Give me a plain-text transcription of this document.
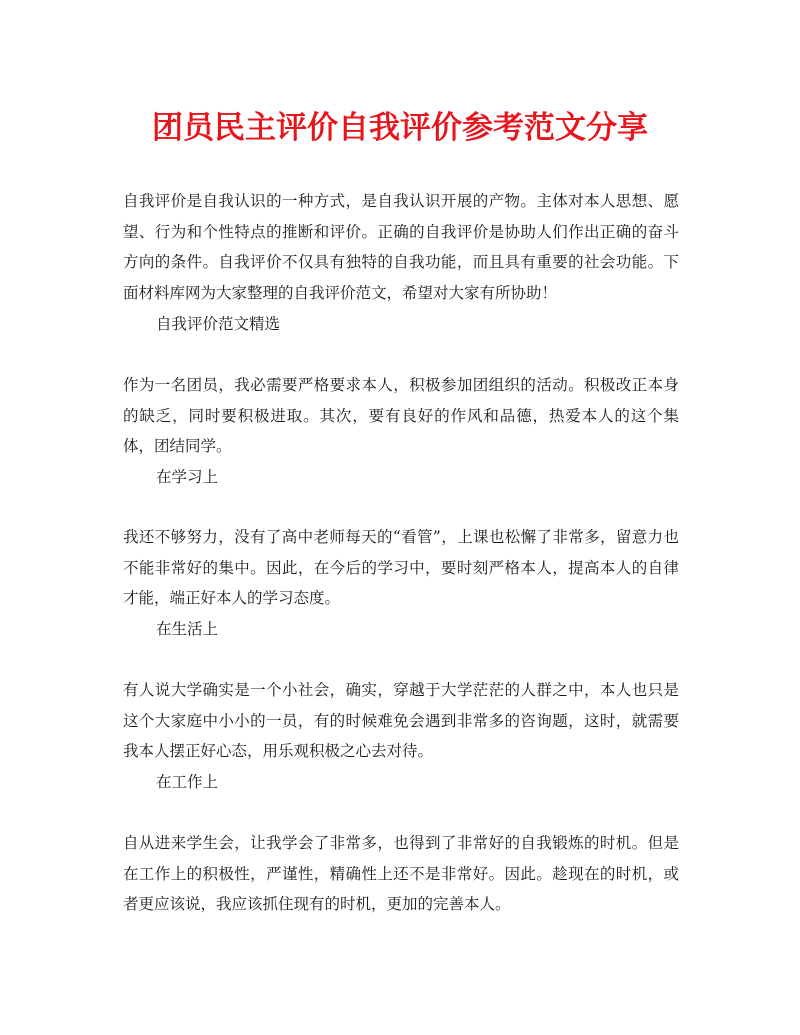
团员民主评价自我评价参考范文分享

自我评价是自我认识的一种方式，是自我认识开展的产物。主体对本人思想、愿望、行为和个性特点的推断和评价。正确的自我评价是协助人们作出正确的奋斗方向的条件。自我评价不仅具有独特的自我功能，而且具有重要的社会功能。下面材料库网为大家整理的自我评价范文，希望对大家有所协助！

自我评价范文精选

作为一名团员，我必需要严格要求本人，积极参加团组织的活动。积极改正本身的缺乏，同时要积极进取。其次，要有良好的作风和品德，热爱本人的这个集体，团结同学。

在学习上

我还不够努力，没有了高中老师每天的“看管”，上课也松懈了非常多，留意力也不能非常好的集中。因此，在今后的学习中，要时刻严格本人，提高本人的自律才能，端正好本人的学习态度。

在生活上

有人说大学确实是一个小社会，确实，穿越于大学茫茫的人群之中，本人也只是这个大家庭中小小的一员，有的时候难免会遇到非常多的咨询题，这时，就需要我本人摆正好心态，用乐观积极之心去对待。

在工作上

自从进来学生会，让我学会了非常多，也得到了非常好的自我锻炼的时机。但是在工作上的积极性，严谨性，精确性上还不是非常好。因此。趁现在的时机，或者更应该说，我应该抓住现有的时机，更加的完善本人。
